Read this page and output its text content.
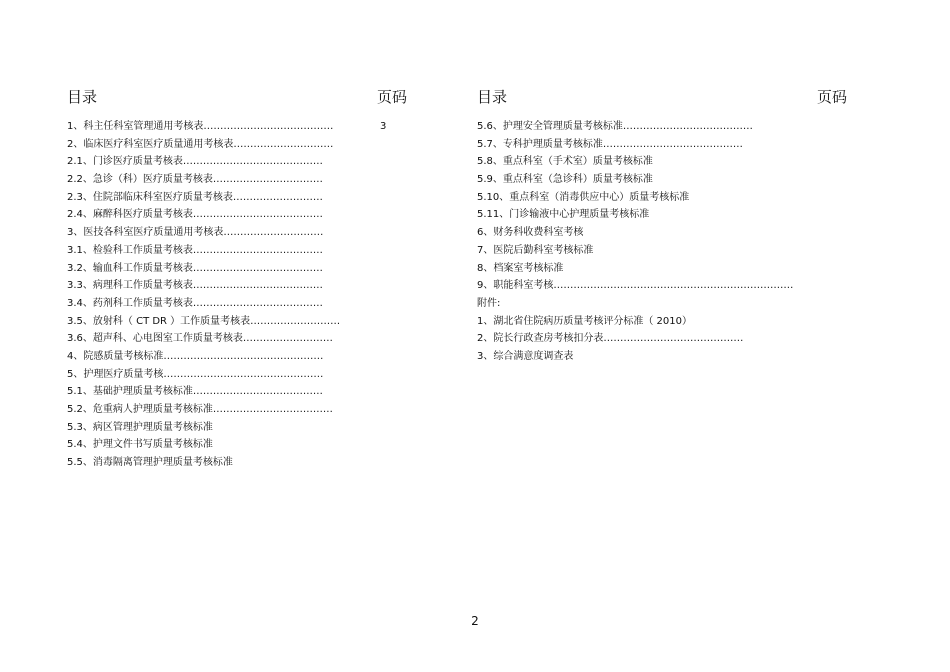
目录	页码
1、科主任科室管理通用考核表…………………………………	3
2、临床医疗科室医疗质量通用考核表…………………………
2.1、门诊医疗质量考核表……………………………………
2.2、急诊（科）医疗质量考核表……………………………
2.3、住院部临床科室医疗质量考核表………………………
2.4、麻醉科医疗质量考核表…………………………………
3、医技各科室医疗质量通用考核表…………………………
3.1、检验科工作质量考核表…………………………………
3.2、输血科工作质量考核表…………………………………
3.3、病理科工作质量考核表…………………………………
3.4、药剂科工作质量考核表…………………………………
3.5、放射科（ CT DR ）工作质量考核表………………………
3.6、超声科、心电图室工作质量考核表………………………
4、院感质量考核标准…………………………………………
5、护理医疗质量考核…………………………………………
5.1、基础护理质量考核标准…………………………………
5.2、危重病人护理质量考核标准………………………………
5.3、病区管理护理质量考核标准
5.4、护理文件书写质量考核标准
5.5、消毒隔离管理护理质量考核标准
目录	页码
5.6、护理安全管理质量考核标准…………………………………
5.7、专科护理质量考核标准……………………………………
5.8、重点科室（手术室）质量考核标准
5.9、重点科室（急诊科）质量考核标准
5.10、重点科室（消毒供应中心）质量考核标准
5.11、门诊输液中心护理质量考核标准
6、财务科收费科室考核
7、医院后勤科室考核标准
8、档案室考核标准
9、职能科室考核………………………………………………………………
附件:
1、湖北省住院病历质量考核评分标准（ 2010）
2、院长行政查房考核扣分表……………………………………
3、综合满意度调查表
2
